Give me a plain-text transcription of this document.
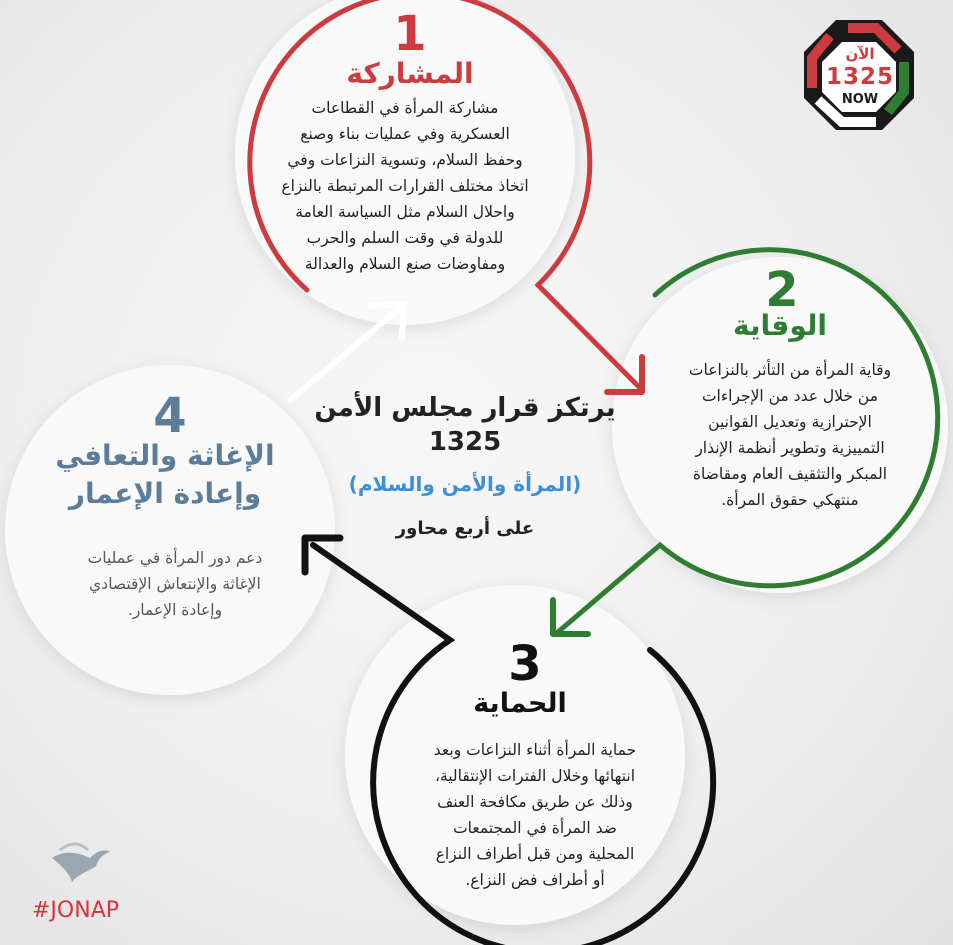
يرتكز قرار مجلس الأمن
1325
(المرأة والأمن والسلام)
على أربع محاور
1
المشاركة
مشاركة المرأة في القطاعات
العسكرية وفي عمليات بناء وصنع
وحفظ السلام، وتسوية النزاعات وفي
اتخاذ مختلف القرارات المرتبطة بالنزاع
واحلال السلام مثل السياسة العامة
للدولة في وقت السلم والحرب
ومفاوضات صنع السلام والعدالة	2
الوقاية
وقاية المرأة من التأثر بالنزاعات
من خلال عدد من الإجراءات
الإحترازية وتعديل القوانين
التمييزية وتطوير أنظمة الإنذار
المبكر والتثقيف العام ومقاضاة
منتهكي حقوق المرأة.
3
الحماية
حماية المرأة أثناء النزاعات وبعد
انتهائها وخلال الفترات الإنتقالية،
وذلك عن طريق مكافحة العنف
ضد المرأة في المجتمعات
المحلية ومن قبل أطراف النزاع
أو أطراف فض النزاع.
4
الإغاثة والتعافي
وإعادة الإعمار
دعم دور المرأة في عمليات
الإغاثة والإنتعاش الإقتصادي
وإعادة الإعمار.
الآن
1325
NOW
#JONAP
